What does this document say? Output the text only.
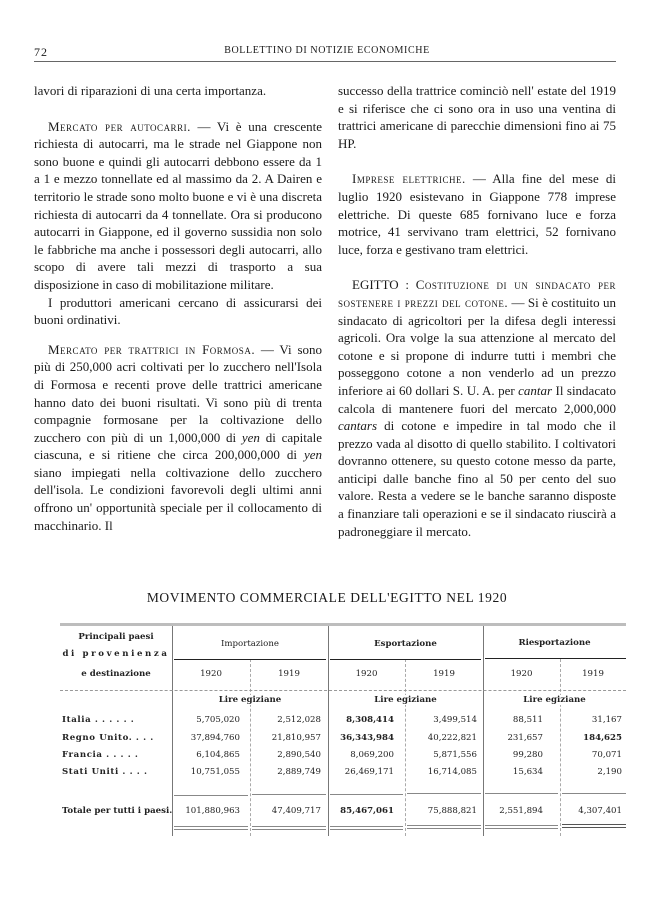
72	BOLLETTINO DI NOTIZIE ECONOMICHE

lavori di riparazioni di una certa importanza.

Mercato per autocarri. — Vi è una crescente richiesta di autocarri, ma le strade nel Giappone non sono buone e quindi gli autocarri debbono essere da 1 a 1 e mezzo tonnellate ed al massimo da 2. A Dairen e territorio le strade sono molto buone e vi è una discreta richiesta di autocarri da 4 tonnellate. Ora si producono autocarri in Giappone, ed il governo sussidia non solo le fabbriche ma anche i possessori degli autocarri, allo scopo di avere tali mezzi di trasporto a sua disposizione in caso di mobilitazione militare.

I produttori americani cercano di assicurarsi dei buoni ordinativi.

Mercato per trattrici in Formosa. — Vi sono più di 250,000 acri coltivati per lo zucchero nell'Isola di Formosa e recenti prove delle trattrici americane hanno dato dei buoni risultati. Vi sono più di trenta compagnie formosane per la coltivazione dello zucchero con più di un 1,000,000 di yen di capitale ciascuna, e si ritiene che circa 200,000,000 di yen siano impiegati nella coltivazione dello zucchero dell'isola. Le condizioni favorevoli degli ultimi anni offrono un' opportunità speciale per il collocamento di macchinario. Il

successo della trattrice cominciò nell' estate del 1919 e si riferisce che ci sono ora in uso una ventina di trattrici americane di parecchie dimensioni fino ai 75 HP.

Imprese elettriche. — Alla fine del mese di luglio 1920 esistevano in Giappone 778 imprese elettriche. Di queste 685 fornivano luce e forza motrice, 41 servivano tram elettrici, 52 fornivano luce, forza e gestivano tram elettrici.

EGITTO : Costituzione di un sindacato per sostenere i prezzi del cotone. — Si è costituito un sindacato di agricoltori per la difesa degli interessi agricoli. Ora volge la sua attenzione al mercato del cotone e si propone di indurre tutti i membri che posseggono cotone a non venderlo ad un prezzo inferiore ai 60 dollari S. U. A. per cantar Il sindacato calcola di mantenere fuori del mercato 2,000,000 cantars di cotone e impedire in tal modo che il prezzo vada al disotto di quello stabilito. I coltivatori dovranno ottenere, su questo cotone messo da parte, anticipi dalle banche fino al 50 per cento del suo valore. Resta a vedere se le banche saranno disposte a finanziare tali operazioni e se il sindacato riuscirà a padroneggiare il mercato.

MOVIMENTO COMMERCIALE DELL'EGITTO NEL 1920
Principali paesi
di provenienza
e destinazione
Importazione	Esportazione	Riesportazione
1920	1919	1920	1919	1920	1919
Lire egiziane	Lire egiziane	Lire egiziane
Italia . . . . . .	5,705,020	2,512,028	8,308,414	3,499,514	88,511	31,167
Regno Unito. . . .	37,894,760	21,810,957	36,343,984	40,222,821	231,657	184,625
Francia . . . . .	6,104,865	2,890,540	8,069,200	5,871,556	99,280	70,071
Stati Uniti . . . .	10,751,055	2,889,749	26,469,171	16,714,085	15,634	2,190
Totale per tutti i paesi.	101,880,963	47,409,717	85,467,061	75,888,821	2,551,894	4,307,401
